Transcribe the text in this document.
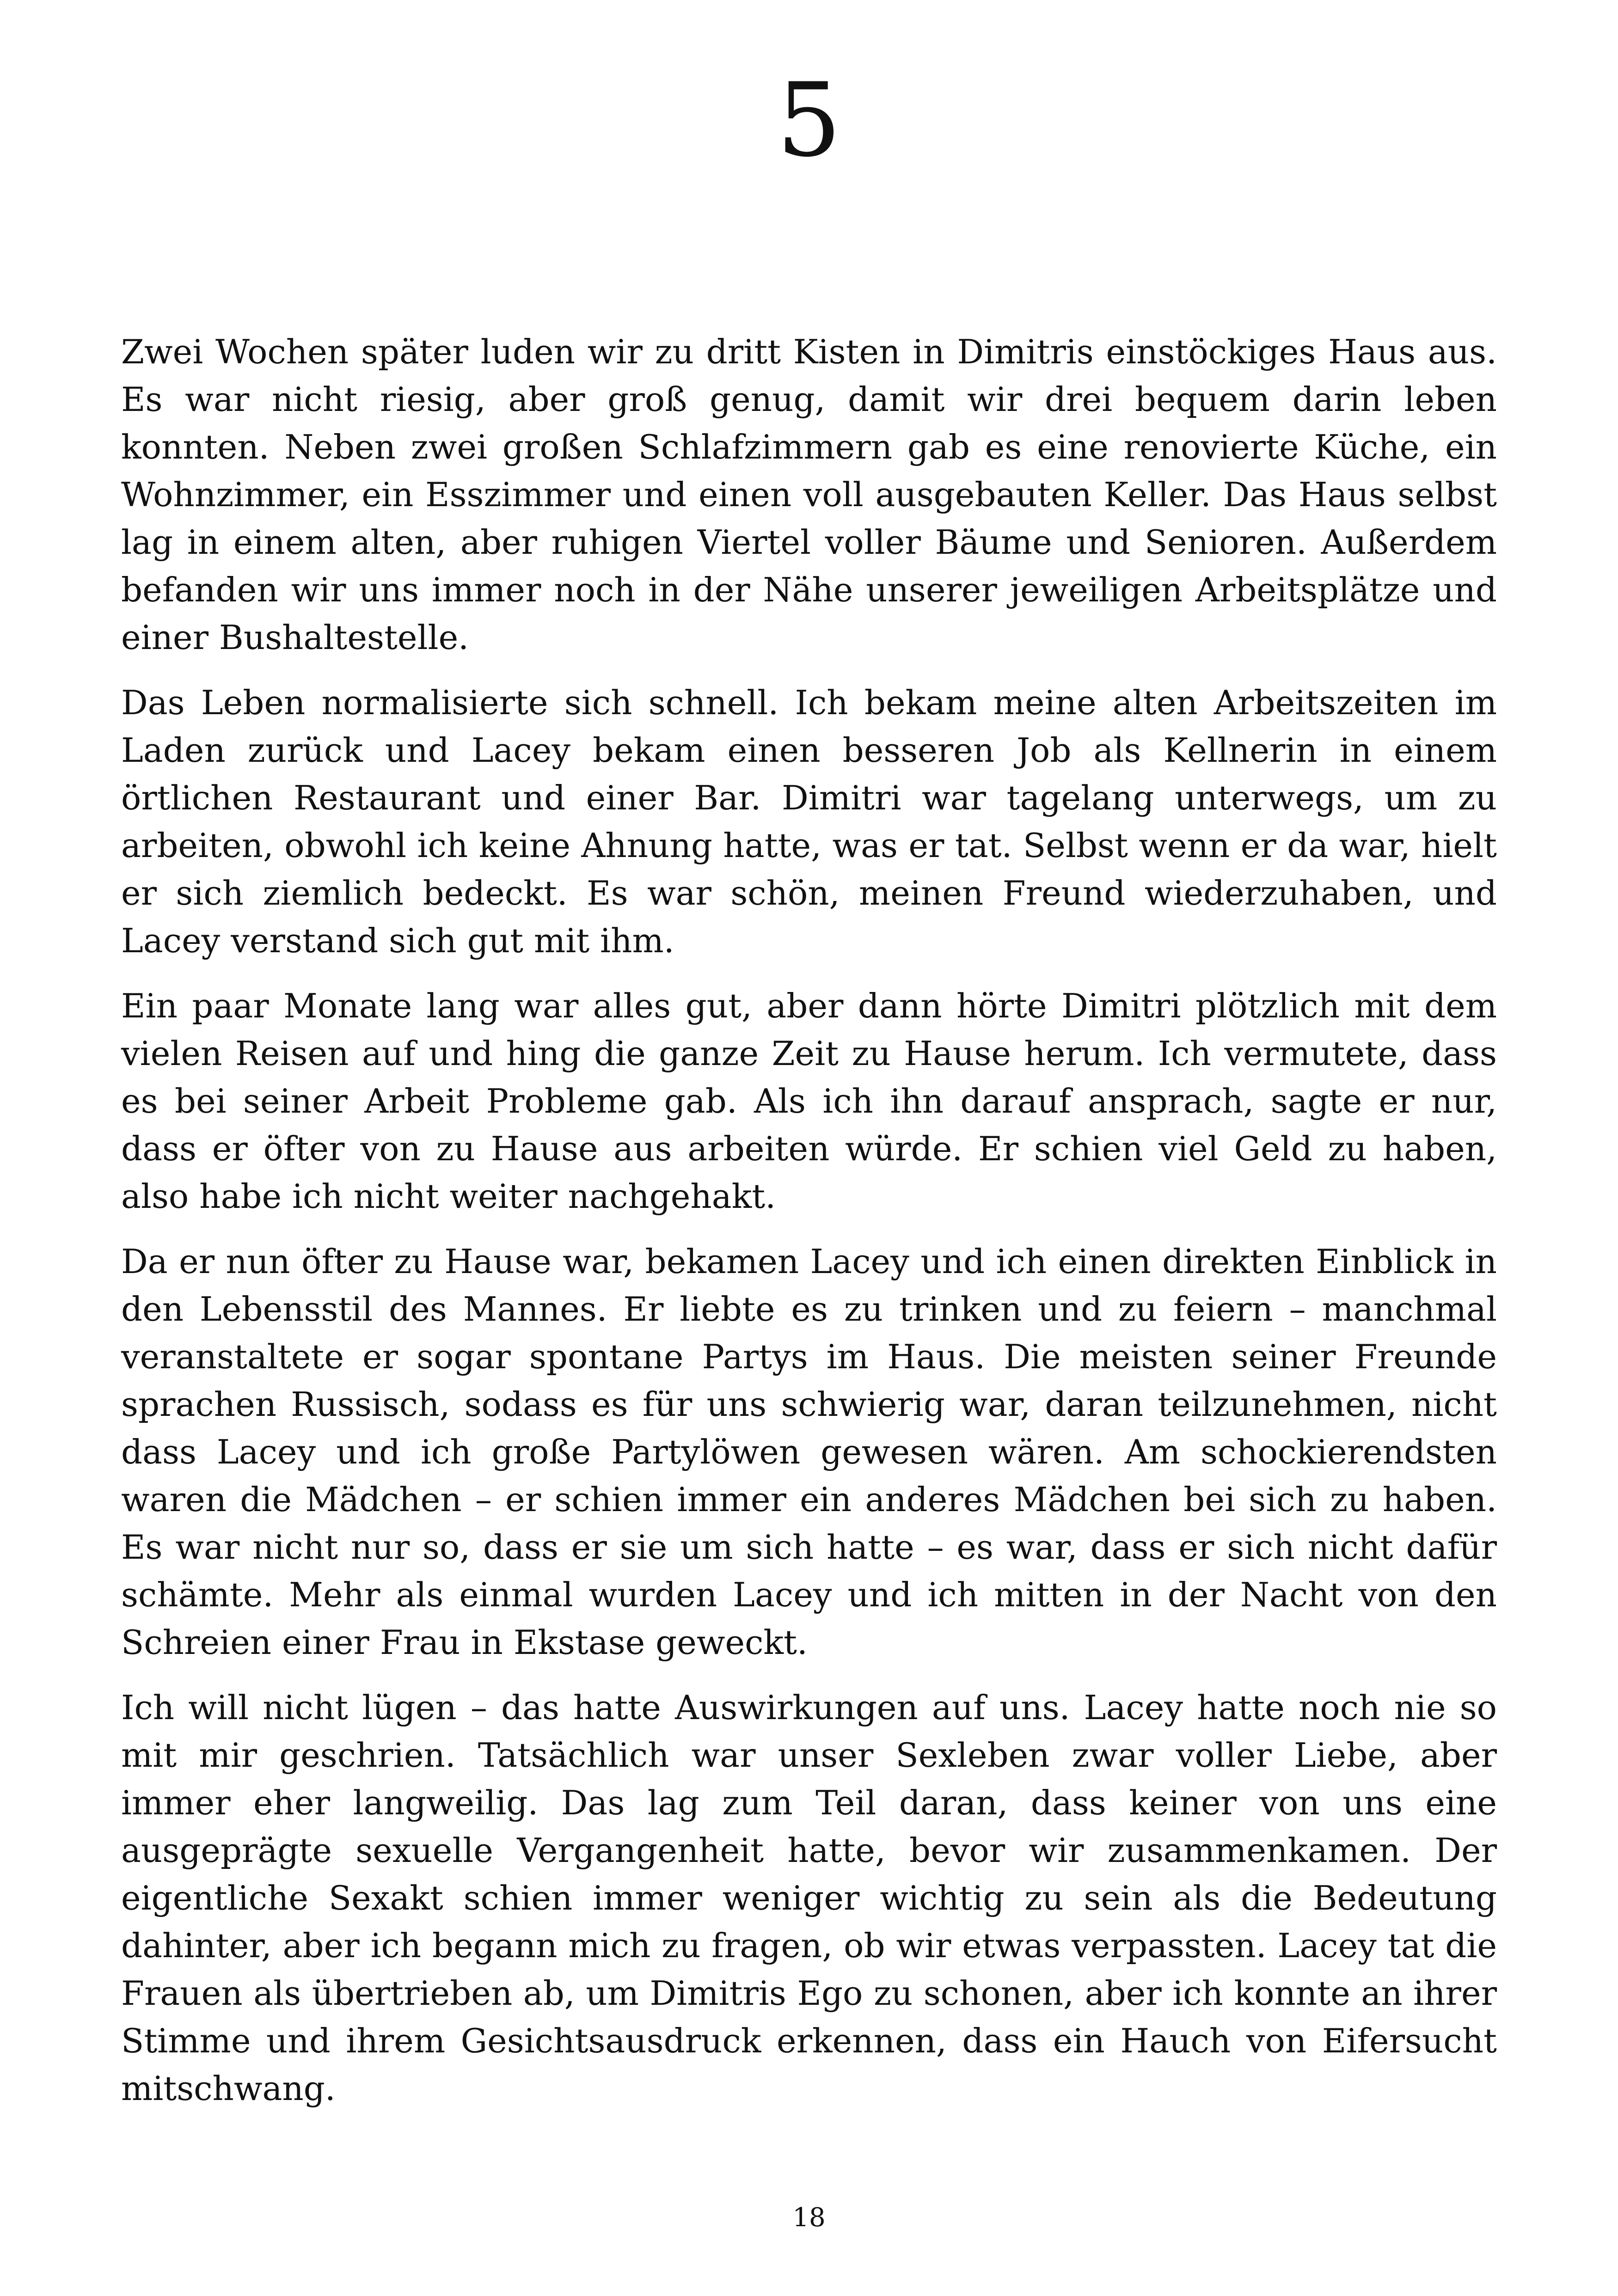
5

Zwei Wochen später luden wir zu dritt Kisten in Dimitris einstöckiges Haus aus. Es war nicht riesig, aber groß genug, damit wir drei bequem darin leben konnten. Neben zwei großen Schlafzimmern gab es eine renovierte Küche, ein Wohnzimmer, ein Esszimmer und einen voll ausgebauten Keller. Das Haus selbst lag in einem alten, aber ruhigen Viertel voller Bäume und Senioren. Außerdem befanden wir uns immer noch in der Nähe unserer jeweiligen Arbeitsplätze und einer Bushaltestelle.

Das Leben normalisierte sich schnell. Ich bekam meine alten Arbeitszeiten im Laden zurück und Lacey bekam einen besseren Job als Kellnerin in einem örtlichen Restaurant und einer Bar. Dimitri war tagelang unterwegs, um zu arbeiten, obwohl ich keine Ahnung hatte, was er tat. Selbst wenn er da war, hielt er sich ziemlich bedeckt. Es war schön, meinen Freund wiederzuhaben, und Lacey verstand sich gut mit ihm.

Ein paar Monate lang war alles gut, aber dann hörte Dimitri plötzlich mit dem vielen Reisen auf und hing die ganze Zeit zu Hause herum. Ich vermutete, dass es bei seiner Arbeit Probleme gab. Als ich ihn darauf ansprach, sagte er nur, dass er öfter von zu Hause aus arbeiten würde. Er schien viel Geld zu haben, also habe ich nicht weiter nachgehakt.

Da er nun öfter zu Hause war, bekamen Lacey und ich einen direkten Einblick in den Lebensstil des Mannes. Er liebte es zu trinken und zu feiern – manchmal veranstaltete er sogar spontane Partys im Haus. Die meisten seiner Freunde sprachen Russisch, sodass es für uns schwierig war, daran teilzunehmen, nicht dass Lacey und ich große Partylöwen gewesen wären. Am schockierendsten waren die Mädchen – er schien immer ein anderes Mädchen bei sich zu haben. Es war nicht nur so, dass er sie um sich hatte – es war, dass er sich nicht dafür schämte. Mehr als einmal wurden Lacey und ich mitten in der Nacht von den Schreien einer Frau in Ekstase geweckt.

Ich will nicht lügen – das hatte Auswirkungen auf uns. Lacey hatte noch nie so mit mir geschrien. Tatsächlich war unser Sexleben zwar voller Liebe, aber immer eher langweilig. Das lag zum Teil daran, dass keiner von uns eine ausgeprägte sexuelle Vergangenheit hatte, bevor wir zusammenkamen. Der eigentliche Sexakt schien immer weniger wichtig zu sein als die Bedeutung dahinter, aber ich begann mich zu fragen, ob wir etwas verpassten. Lacey tat die Frauen als übertrieben ab, um Dimitris Ego zu schonen, aber ich konnte an ihrer Stimme und ihrem Gesichtsausdruck erkennen, dass ein Hauch von Eifersucht mitschwang.

18
